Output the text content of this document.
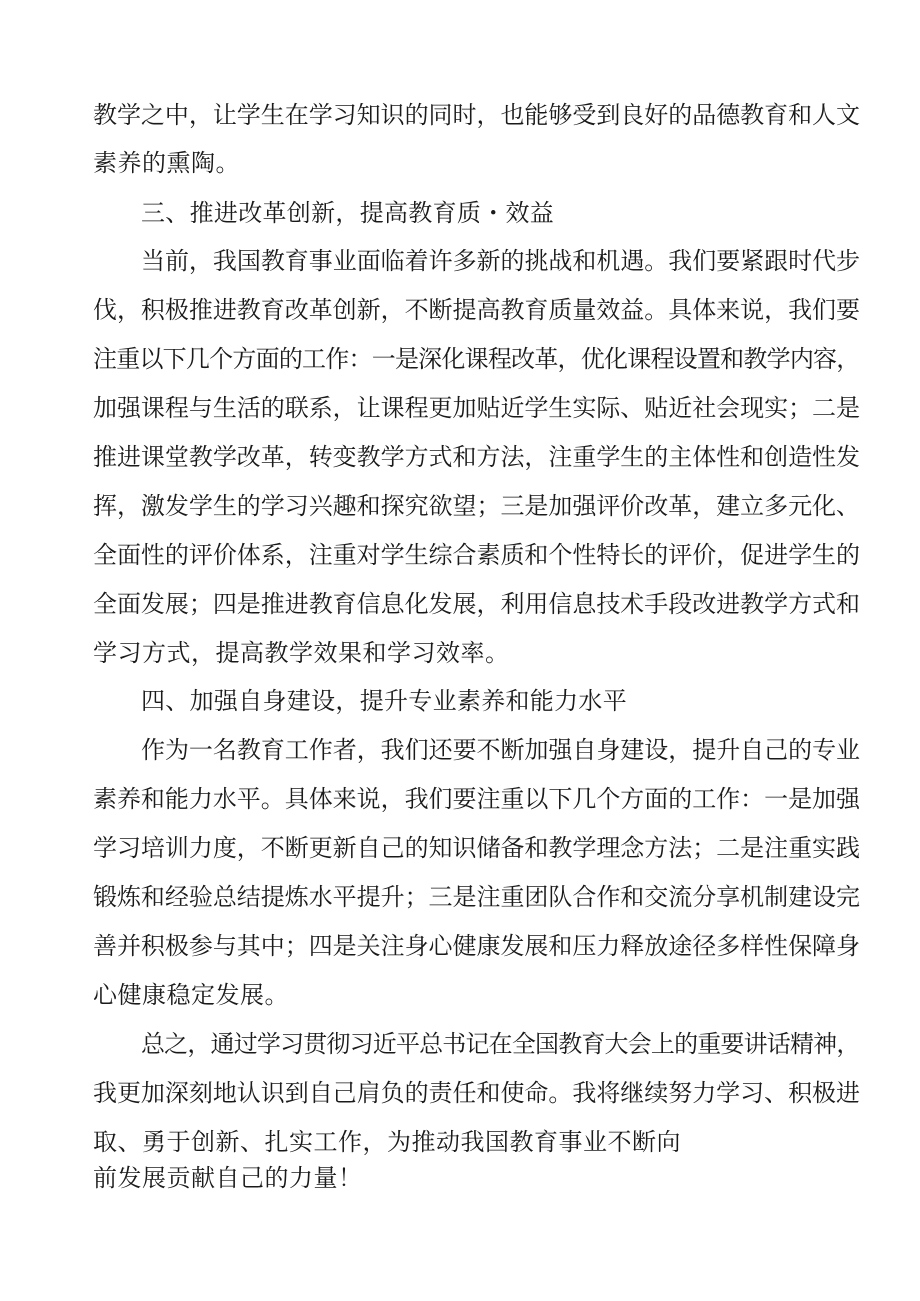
教学之中，让学生在学习知识的同时，也能够受到良好的品德教育和人文
素养的熏陶。
三、推进改革创新，提高教育质・效益
当前，我国教育事业面临着许多新的挑战和机遇。我们要紧跟时代步
伐，积极推进教育改革创新，不断提高教育质量效益。具体来说，我们要
注重以下几个方面的工作：一是深化课程改革，优化课程设置和教学内容，
加强课程与生活的联系，让课程更加贴近学生实际、贴近社会现实；二是
推进课堂教学改革，转变教学方式和方法，注重学生的主体性和创造性发
挥，激发学生的学习兴趣和探究欲望；三是加强评价改革，建立多元化、
全面性的评价体系，注重对学生综合素质和个性特长的评价，促进学生的
全面发展；四是推进教育信息化发展，利用信息技术手段改进教学方式和
学习方式，提高教学效果和学习效率。
四、加强自身建设，提升专业素养和能力水平
作为一名教育工作者，我们还要不断加强自身建设，提升自己的专业
素养和能力水平。具体来说，我们要注重以下几个方面的工作：一是加强
学习培训力度，不断更新自己的知识储备和教学理念方法；二是注重实践
锻炼和经验总结提炼水平提升；三是注重团队合作和交流分享机制建设完
善并积极参与其中；四是关注身心健康发展和压力释放途径多样性保障身
心健康稳定发展。
总之，通过学习贯彻习近平总书记在全国教育大会上的重要讲话精神，
我更加深刻地认识到自己肩负的责任和使命。我将继续努力学习、积极进
取、勇于创新、扎实工作，为推动我国教育事业不断向
前发展贡献自己的力量！
